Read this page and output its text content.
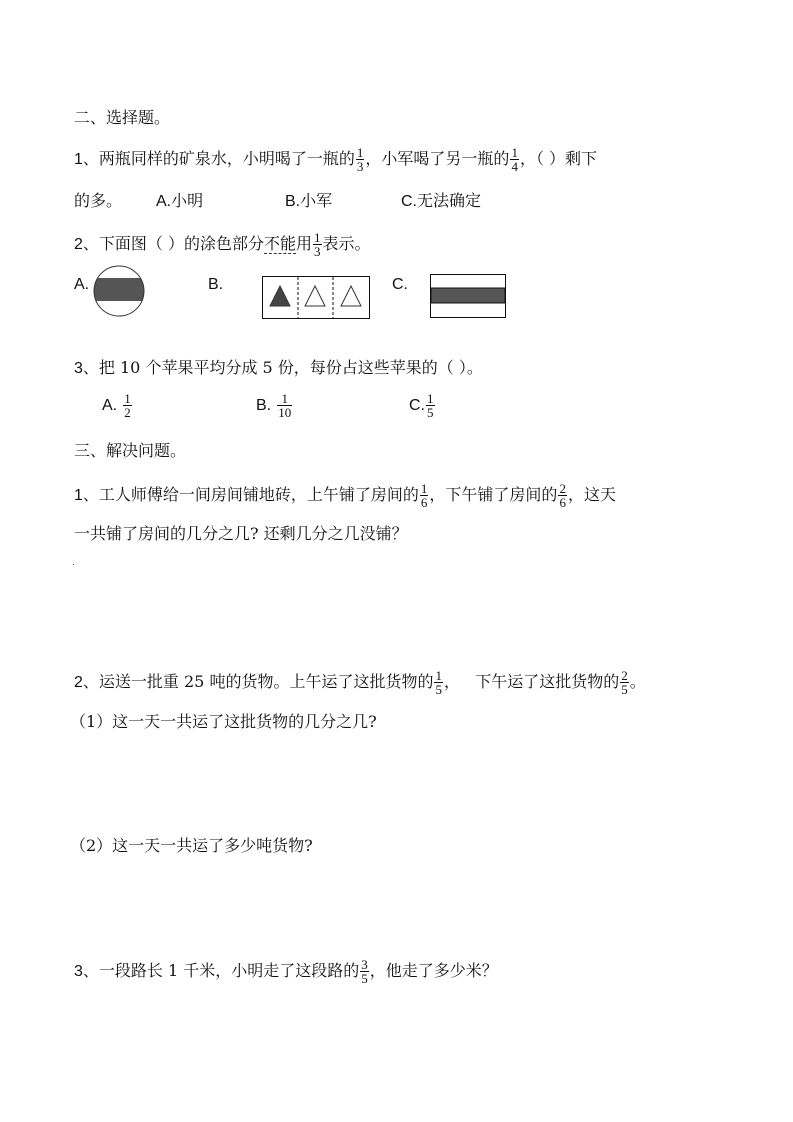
二、选择题。
1、两瓶同样的矿泉水，小明喝了一瓶的 $\frac{1}{3}$ ，小军喝了另一瓶的 $\frac{1}{4}$ ，（ ）剩下
的多。 A.小明	B.小军	C.无法确定
2、下面图（ ）的涂色部分不能用 $\frac{1}{3}$ 表示。
A.	B.	C.
3、把 10 个苹果平均分成 5 份，每份占这些苹果的（ ）。
A. $\frac{1}{2}$	B. $\frac{1}{10}$	C. $\frac{1}{5}$
三、解决问题。
1、工人师傅给一间房间铺地砖，上午铺了房间的 $\frac{1}{6}$ ，下午铺了房间的 $\frac{2}{6}$ ，这天
一共铺了房间的几分之几? 还剩几分之几没铺？
2、运送一批重 25 吨的货物。上午运了这批货物的 $\frac{1}{5}$ ，   下午运了这批货物的 $\frac{2}{5}$ 。
（1）这一天一共运了这批货物的几分之几?
（2）这一天一共运了多少吨货物?
3、一段路长 1 千米，小明走了这段路的 $\frac{3}{5}$ ，他走了多少米？
